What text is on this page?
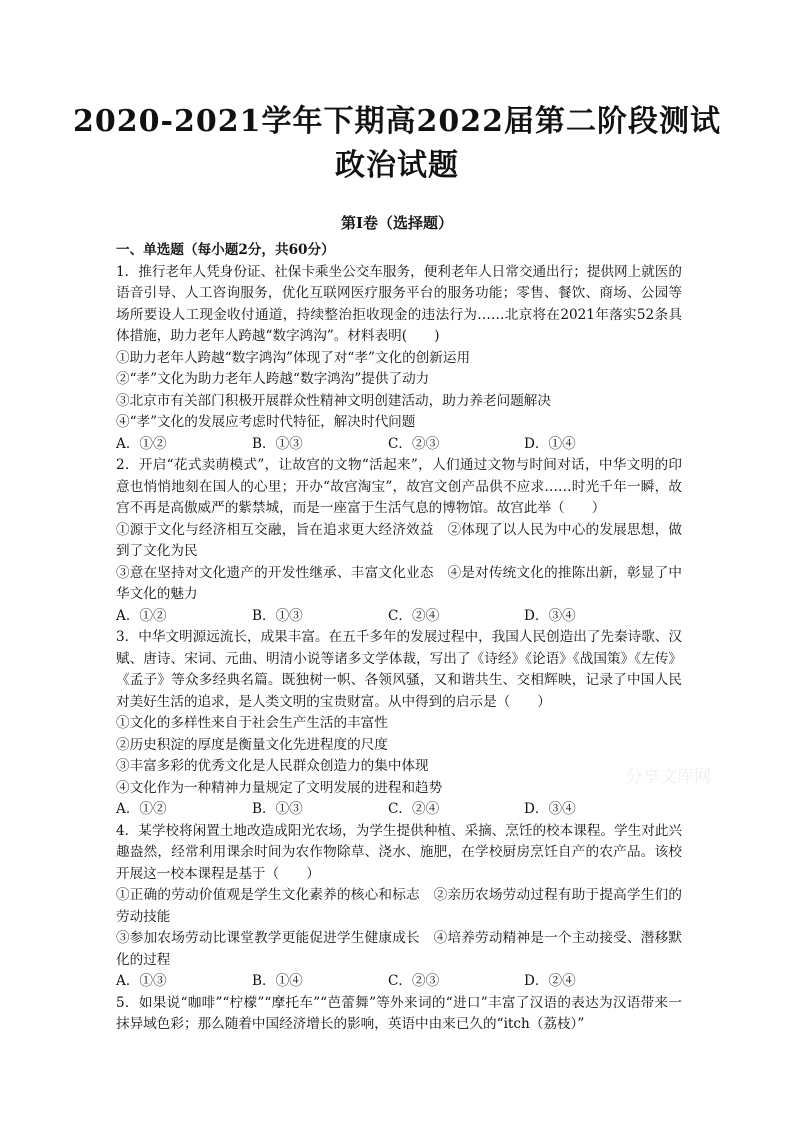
2020-2021学年下期高2022届第二阶段测试
政治试题
第Ⅰ卷（选择题）
一、单选题（每小题2分，共60分）

1．推行老年人凭身份证、社保卡乘坐公交车服务，便利老年人日常交通出行；提供网上就医的语音引导、人工咨询服务，优化互联网医疗服务平台的服务功能；零售、餐饮、商场、公园等场所要设人工现金收付通道，持续整治拒收现金的违法行为……北京将在2021年落实52条具体措施，助力老年人跨越“数字鸿沟”。材料表明(　　)

①助力老年人跨越“数字鸿沟”体现了对“孝”文化的创新运用

②“孝”文化为助力老年人跨越“数字鸿沟”提供了动力

③北京市有关部门积极开展群众性精神文明创建活动，助力养老问题解决

④“孝”文化的发展应考虑时代特征，解决时代问题

A．①②	B．①③	C．②③	D．①④

2．开启“花式卖萌模式”，让故宫的文物“活起来”，人们通过文物与时间对话，中华文明的印意也悄悄地刻在国人的心里；开办“故宫淘宝”，故宫文创产品供不应求……时光千年一瞬，故宫不再是高傲威严的紫禁城，而是一座富于生活气息的博物馆。故宫此举（　　）

①源于文化与经济相互交融，旨在追求更大经济效益　②体现了以人民为中心的发展思想，做到了文化为民

③意在坚持对文化遗产的开发性继承、丰富文化业态　④是对传统文化的推陈出新，彰显了中华文化的魅力

A．①②	B．①③	C．②④	D．③④

3．中华文明源远流长，成果丰富。在五千多年的发展过程中，我国人民创造出了先秦诗歌、汉赋、唐诗、宋词、元曲、明清小说等诸多文学体裁，写出了《诗经》《论语》《战国策》《左传》《孟子》等众多经典名篇。既独树一帜、各领风骚，又和谐共生、交相辉映，记录了中国人民对美好生活的追求，是人类文明的宝贵财富。从中得到的启示是（　　）

①文化的多样性来自于社会生产生活的丰富性

②历史积淀的厚度是衡量文化先进程度的尺度

③丰富多彩的优秀文化是人民群众创造力的集中体现

④文化作为一种精神力量规定了文明发展的进程和趋势

A．①②	B．①③	C．②④	D．③④

4．某学校将闲置土地改造成阳光农场，为学生提供种植、采摘、烹饪的校本课程。学生对此兴趣盎然，经常利用课余时间为农作物除草、浇水、施肥，在学校厨房烹饪自产的农产品。该校开展这一校本课程是基于（　　）

①正确的劳动价值观是学生文化素养的核心和标志　②亲历农场劳动过程有助于提高学生们的劳动技能

③参加农场劳动比课堂教学更能促进学生健康成长　④培养劳动精神是一个主动接受、潜移默化的过程

A．①③	B．①④	C．②③	D．②④

5．如果说“咖啡”“柠檬”“摩托车”“芭蕾舞”等外来词的“进口”丰富了汉语的表达为汉语带来一抹异域色彩；那么随着中国经济增长的影响，英语中由来已久的“itch（荔枝）”

分享文库网
